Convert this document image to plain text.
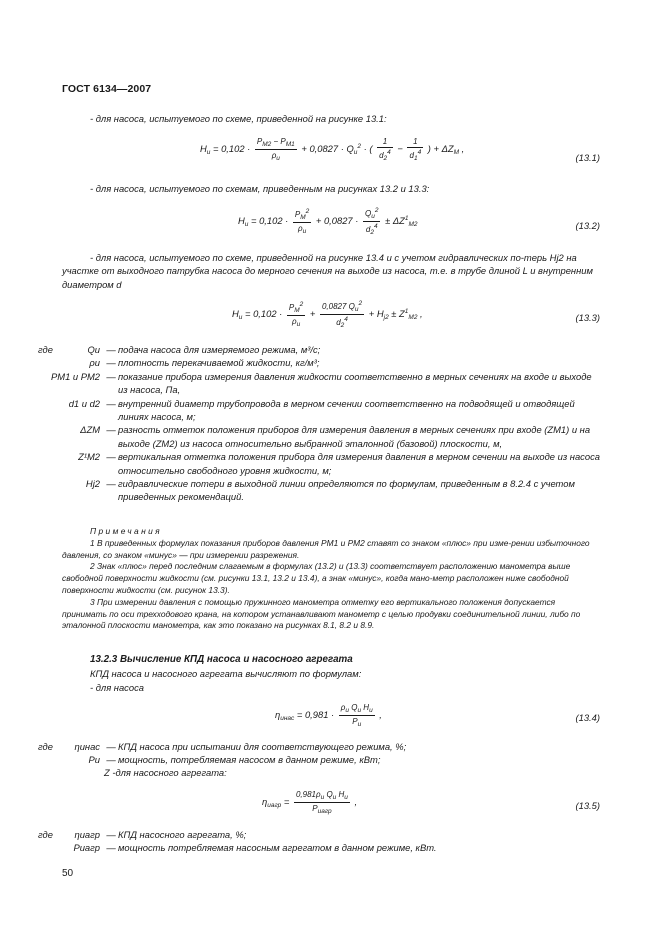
ГОСТ 6134—2007
- для насоса, испытуемого по схеме, приведенной на рисунке 13.1:
$H_и = 0,102 \cdot \frac{P_{M2} - P_{M1}}{\rho_и} + 0,0827 \cdot Q_и^2$ · ( $\frac{1}{d_2^4} - \frac{1}{d_1^4}$ ) + $\Delta Z_M$ ,
(13.1)
- для насоса, испытуемого по схемам, приведенным на рисунках 13.2 и 13.3:
$H_и = 0,102 \cdot \frac{P_M^2}{\rho_и} + 0,0827 \cdot \frac{Q_и^2}{d_2^4} \pm \Delta Z^1_{M2}$	(13.2)
- для насоса, испытуемого по схеме, приведенной на рисунке 13.4 и с учетом гидравлических по-терь Hj2 на участке от выходного патрубка насоса до мерного сечения на выходе из насоса, т.е. в трубе длиной L и внутренним диаметром d
$H_и = 0,102 \cdot \frac{P_M^2}{\rho_и} + \frac{0,0827 Q_и^2}{d_2^4} + H_{j2} \pm Z^1_{M2}$ ,	(13.3)
где	Qи — подача насоса для измеряемого режима, м³/с;
ρи — плотность перекачиваемой жидкости, кг/м³;
PМ1 и PМ2 — показание прибора измерения давления жидкости соответственно в мерных сечениях на входе и выходе из насоса, Па,
d1 и d2 — внутренний диаметр трубопровода в мерном сечении соответственно на подводящей и отводящей линиях насоса, м;
ΔZМ — разность отметок положения приборов для измерения давления в мерных сечениях при входе (ZМ1) и на выходе (ZМ2) из насоса относительно выбранной эталонной (базовой) плоскости, м,
Z¹М2 — вертикальная отметка положения прибора для измерения давления в мерном сечении на выходе из насоса относительно свободного уровня жидкости, м;
Hj2 — гидравлические потери в выходной линии определяются по формулам, приведенным в 8.2.4 с учетом приведенных рекомендаций.
Примечания
1 В приведенных формулах показания приборов давления PМ1 и PМ2 ставят со знаком «плюс» при изме-рении избыточного давления, со знаком «минус» — при измерении разрежения.
2 Знак «плюс» перед последним слагаемым в формулах (13.2) и (13.3) соответствует расположению манометра выше свободной поверхности жидкости (см. рисунки 13.1, 13.2 и 13.4), а знак «минус», когда мано-метр расположен ниже свободной поверхности жидкости (см. рисунок 13.3).
3 При измерении давления с помощью пружинного манометра отметку его вертикального положения допускается принимать по оси трехходового крана, на котором устанавливают манометр с целью продувки соединительной линии, либо по эталонной плоскости манометра, как это показано на рисунках 8.1, 8.2 и 8.9.
13.2.3 Вычисление КПД насоса и насосного агрегата
КПД насоса и насосного агрегата вычисляют по формулам:
- для насоса
$\eta_{инас} = 0,981 \cdot \frac{\rho_и Q_и H_и}{P_и}$ ,	(13.4)
где	ηинас — КПД насоса при испытании для соответствующего режима, %;
Pи — мощность, потребляемая насосом в данном режиме, кВт;
Z -для насосного агрегата:
$\eta_{иагр} = \frac{0,981\rho_и Q_и H_и}{P_{иагр}}$ ,	(13.5)
где	ηиагр — КПД насосного агрегата, %;
Pиагр — мощность потребляемая насосным агрегатом в данном режиме, кВт.
50
